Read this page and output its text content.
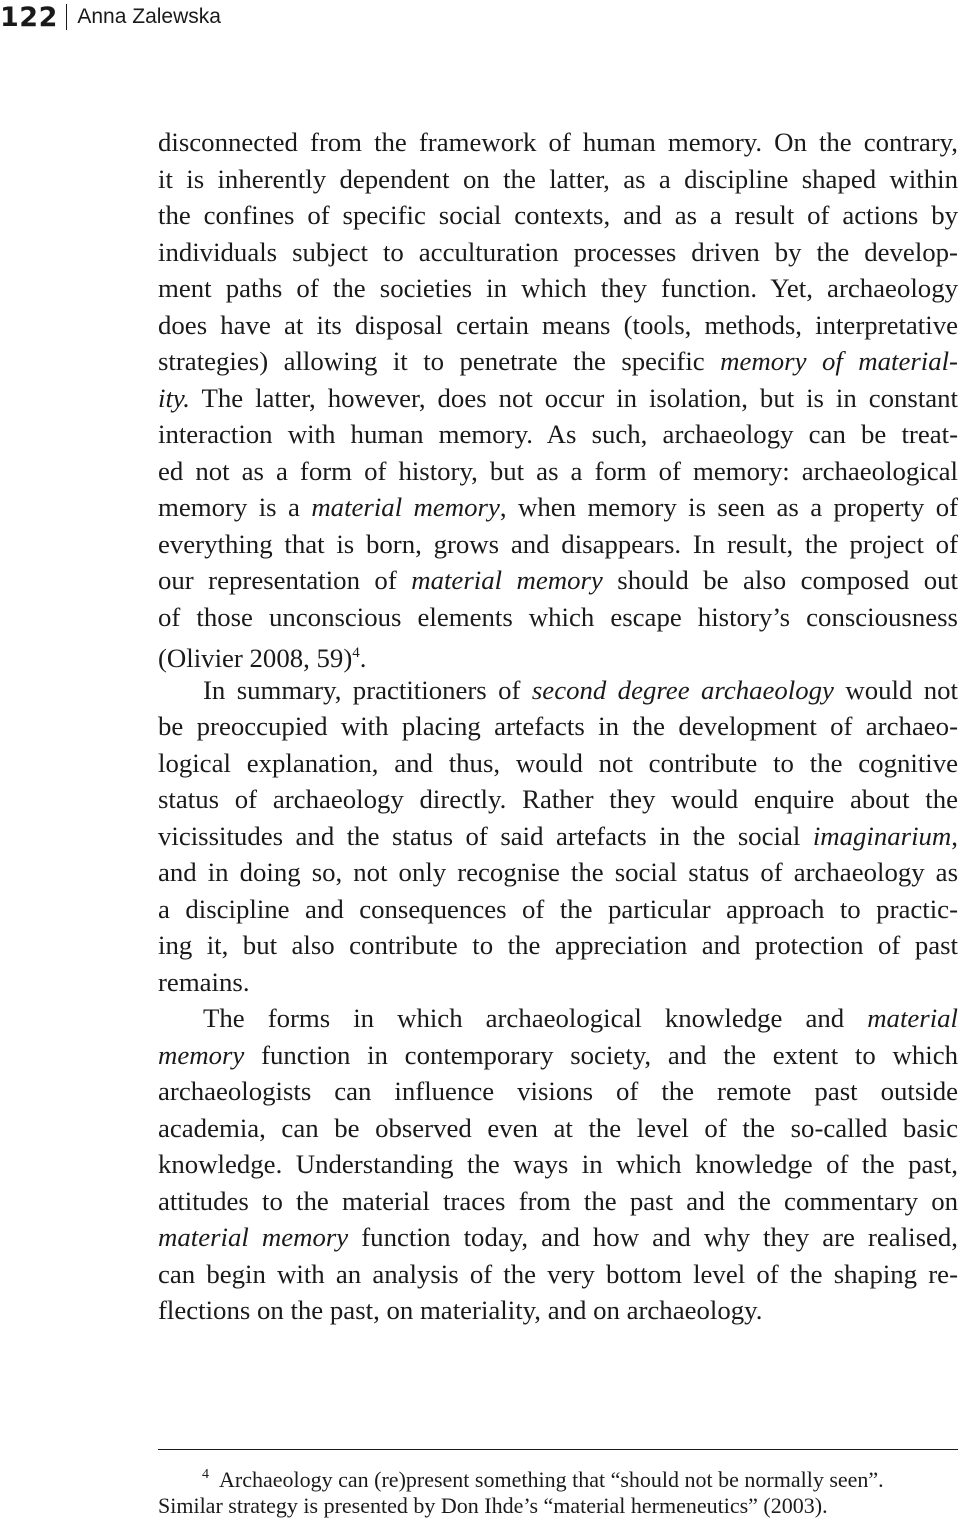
122 Anna Zalewska
disconnected from the framework of human memory. On the contrary,
it is inherently dependent on the latter, as a discipline shaped within
the confines of specific social contexts, and as a result of actions by
individuals subject to acculturation processes driven by the develop-
ment paths of the societies in which they function. Yet, archaeology
does have at its disposal certain means (tools, methods, interpretative
strategies) allowing it to penetrate the specific memory of material-
ity. The latter, however, does not occur in isolation, but is in constant
interaction with human memory. As such, archaeology can be treat-
ed not as a form of history, but as a form of memory: archaeological
memory is a material memory, when memory is seen as a property of
everything that is born, grows and disappears. In result, the project of
our representation of material memory should be also composed out
of those unconscious elements which escape history’s consciousness
(Olivier 2008, 59)$^4$.
In summary, practitioners of second degree archaeology would not
be preoccupied with placing artefacts in the development of archaeo-
logical explanation, and thus, would not contribute to the cognitive
status of archaeology directly. Rather they would enquire about the
vicissitudes and the status of said artefacts in the social imaginarium,
and in doing so, not only recognise the social status of archaeology as
a discipline and consequences of the particular approach to practic-
ing it, but also contribute to the appreciation and protection of past
remains.
The forms in which archaeological knowledge and material
memory function in contemporary society, and the extent to which
archaeologists can influence visions of the remote past outside
academia, can be observed even at the level of the so-called basic
knowledge. Understanding the ways in which knowledge of the past,
attitudes to the material traces from the past and the commentary on
material memory function today, and how and why they are realised,
can begin with an analysis of the very bottom level of the shaping re-
flections on the past, on materiality, and on archaeology.
4 Archaeology can (re)present something that “should not be normally seen”.
Similar strategy is presented by Don Ihde’s “material hermeneutics” (2003).
